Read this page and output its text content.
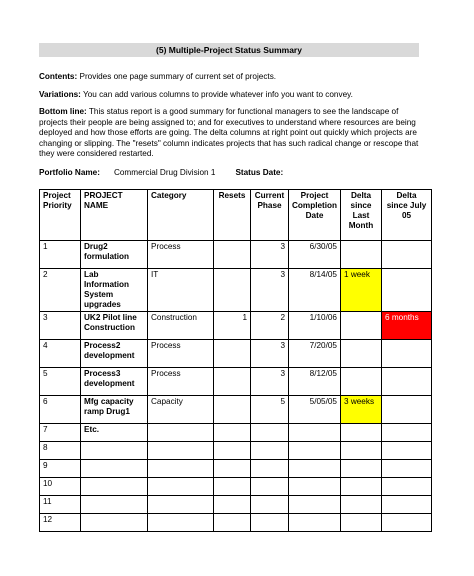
(5) Multiple-Project Status Summary
Contents: Provides one page summary of current set of projects.
Variations: You can add various columns to provide whatever info you want to convey.
Bottom line: This status report is a good summary for functional managers to see the landscape of projects their people are being assigned to; and for executives to understand where resources are being deployed and how those efforts are going. The delta columns at right point out quickly which projects are changing or slipping. The "resets" column indicates projects that has such radical change or rescope that they were considered restarted.
Portfolio Name: Commercial Drug Division 1 Status Date:
Project Priority	PROJECT NAME	Category	Resets	Current Phase	Project Completion Date	Delta since Last Month	Delta since July 05
1	Drug2 formulation	Process		3	6/30/05		
2	Lab Information System upgrades	IT		3	8/14/05	1 week	
3	UK2 Pilot line Construction	Construction	1	2	1/10/06		6 months
4	Process2 development	Process		3	7/20/05		
5	Process3 development	Process		3	8/12/05		
6	Mfg capacity ramp Drug1	Capacity		5	5/05/05	3 weeks	
7	Etc.						
8							
9							
10							
11							
12							
